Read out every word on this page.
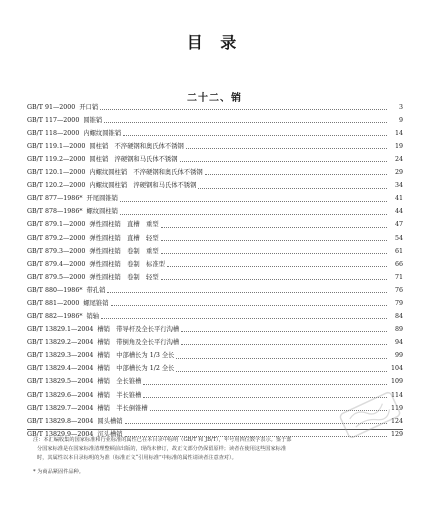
目 录
二十二、销
GB/T 91—2000 开口销	3
GB/T 117—2000 圆锥销	9
GB/T 118—2000 内螺纹圆锥销	14
GB/T 119.1—2000 圆柱销　不淬硬钢和奥氏体不锈钢	19
GB/T 119.2—2000 圆柱销　淬硬钢和马氏体不锈钢	24
GB/T 120.1—2000 内螺纹圆柱销　不淬硬钢和奥氏体不锈钢	29
GB/T 120.2—2000 内螺纹圆柱销　淬硬钢和马氏体不锈钢	34
GB/T 877—1986* 开尾圆锥销	41
GB/T 878—1986* 螺纹圆柱销	44
GB/T 879.1—2000 弹性圆柱销　直槽　重型	47
GB/T 879.2—2000 弹性圆柱销　直槽　轻型	54
GB/T 879.3—2000 弹性圆柱销　卷制　重型	61
GB/T 879.4—2000 弹性圆柱销　卷制　标准型	66
GB/T 879.5—2000 弹性圆柱销　卷制　轻型	71
GB/T 880—1986* 带孔销	76
GB/T 881—2000 螺尾锥销	79
GB/T 882—1986* 销轴	84
GB/T 13829.1—2004 槽销　带导杆及全长平行沟槽	89
GB/T 13829.2—2004 槽销　带倒角及全长平行沟槽	94
GB/T 13829.3—2004 槽销　中部槽长为 1/3 全长	99
GB/T 13829.4—2004 槽销　中部槽长为 1/2 全长	104
GB/T 13829.5—2004 槽销　全长锥槽	109
GB/T 13829.6—2004 槽销　半长锥槽	114
GB/T 13829.7—2004 槽销　半长倒锥槽	119
GB/T 13829.8—2004 圆头槽销	124
GB/T 13829.9—2004 沉头槽销	129

注：本汇编收集的国家标准和行业标准的属性已在本目录中标明（GB/T 和 JB/T），年号用四位数字表示。鉴于部

分国家标准是在国家标准清理整顿前出版的，现尚未修订，故正文部分仍保留原样；读者在使用这些国家标准

时，其属性以本目录标明的为准（标准正文“引用标准”中标准的属性请读者注意查对）。

* 为商品紧固件品种。
